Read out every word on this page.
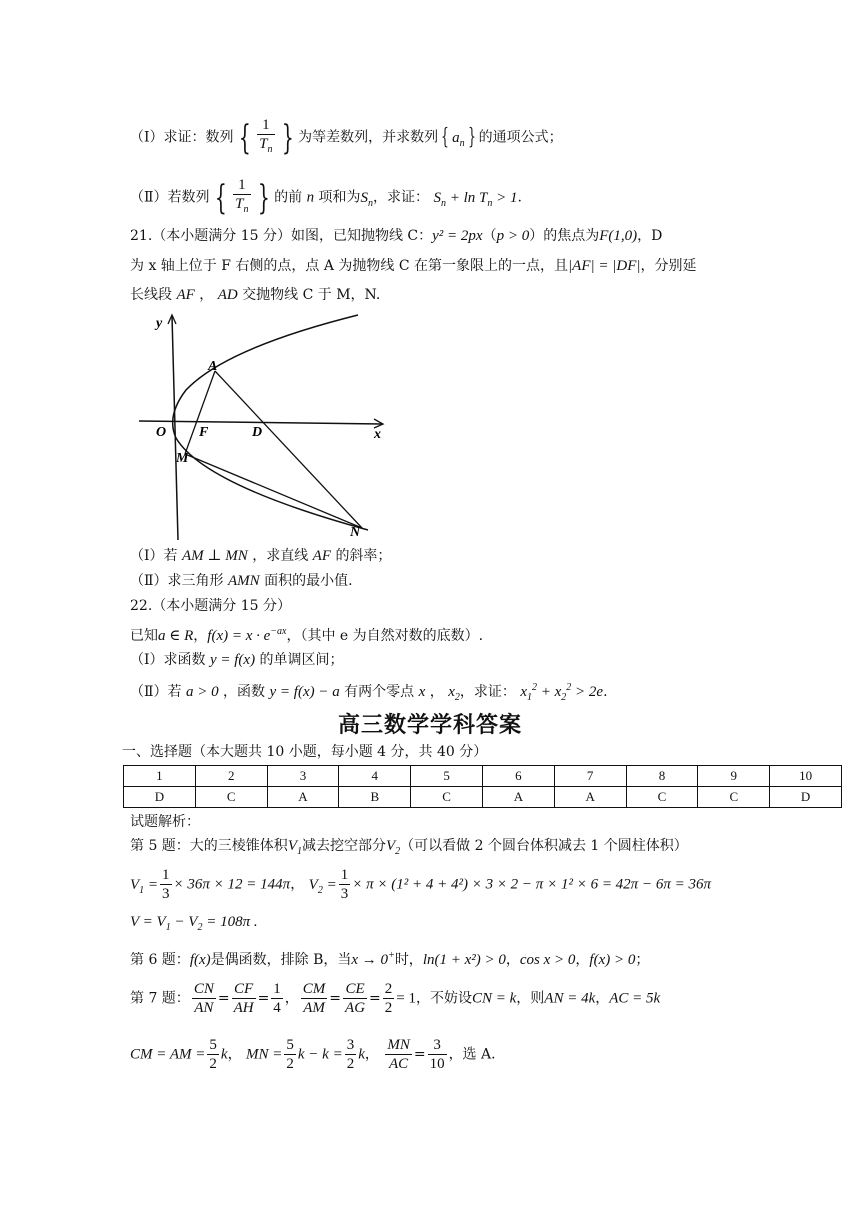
（Ⅰ）求证：数列 { $\frac{1}{T_n}$ } 为等差数列，并求数列 { $a_n$ } 的通项公式；
（Ⅱ）若数列 { $\frac{1}{T_n}$ } 的前 n 项和为$S_n$，求证： $S_n + \ln T_n > 1$.
21.（本小题满分 15 分）如图，已知抛物线 C：y² = 2px（p > 0）的焦点为F(1,0)，D
为 x 轴上位于 F 右侧的点，点 A 为抛物线 C 在第一象限上的一点，且|AF| = |DF|，分别延
长线段 AF ， AD 交抛物线 C 于 M，N.
y
x
O F	D
A
M
N
（Ⅰ）若 AM ⊥ MN ，求直线 AF 的斜率；
（Ⅱ）求三角形 AMN 面积的最小值.
22.（本小题满分 15 分）
已知a ∈ R，$f(x) = x \cdot e^{-ax}$，（其中 e 为自然对数的底数）.
（Ⅰ）求函数 y = f(x) 的单调区间；
（Ⅱ）若 a > 0 ，函数 y = f(x) − a 有两个零点 x ， $x_2$，求证： $x_1^2 + x_2^2 > 2e$.
高三数学学科答案
一、选择题（本大题共 10 小题，每小题 4 分，共 40 分）
1	2	3	4	5	6	7	8	9	10
D	C	A	B	C	A	A	C	C	D
试题解析：
第 5 题：大的三棱锥体积$V_1$减去挖空部分$V_2$（可以看做 2 个圆台体积减去 1 个圆柱体积）
$V_1 = \frac{1}{3} \times 36\pi \times 12 = 144\pi$， $V_2 = \frac{1}{3} \times \pi \times (1^2 + 4 + 4^2) \times 3 \times 2 - \pi \times 1^2 \times 6 = 42\pi - 6\pi = 36\pi$
$V = V_1 - V_2 = 108\pi$ .
第 6 题：f(x)是偶函数，排除 B，当x → 0+时，ln(1 + x²) > 0，cos x > 0，f(x) > 0；
第 7 题： $\frac{CN}{AN} = \frac{CF}{AH} = \frac{1}{4}$ ， $\frac{CM}{AM} = \frac{CE}{AG} = \frac{2}{2} = 1$，不妨设CN = k，则AN = 4k，AC = 5k
CM = AM = $\frac{5}{2}$ k， MN = $\frac{5}{2}$ $k - k = \frac{3}{2}$ k， $\frac{MN}{AC} = \frac{3}{10}$ ，选 A.
